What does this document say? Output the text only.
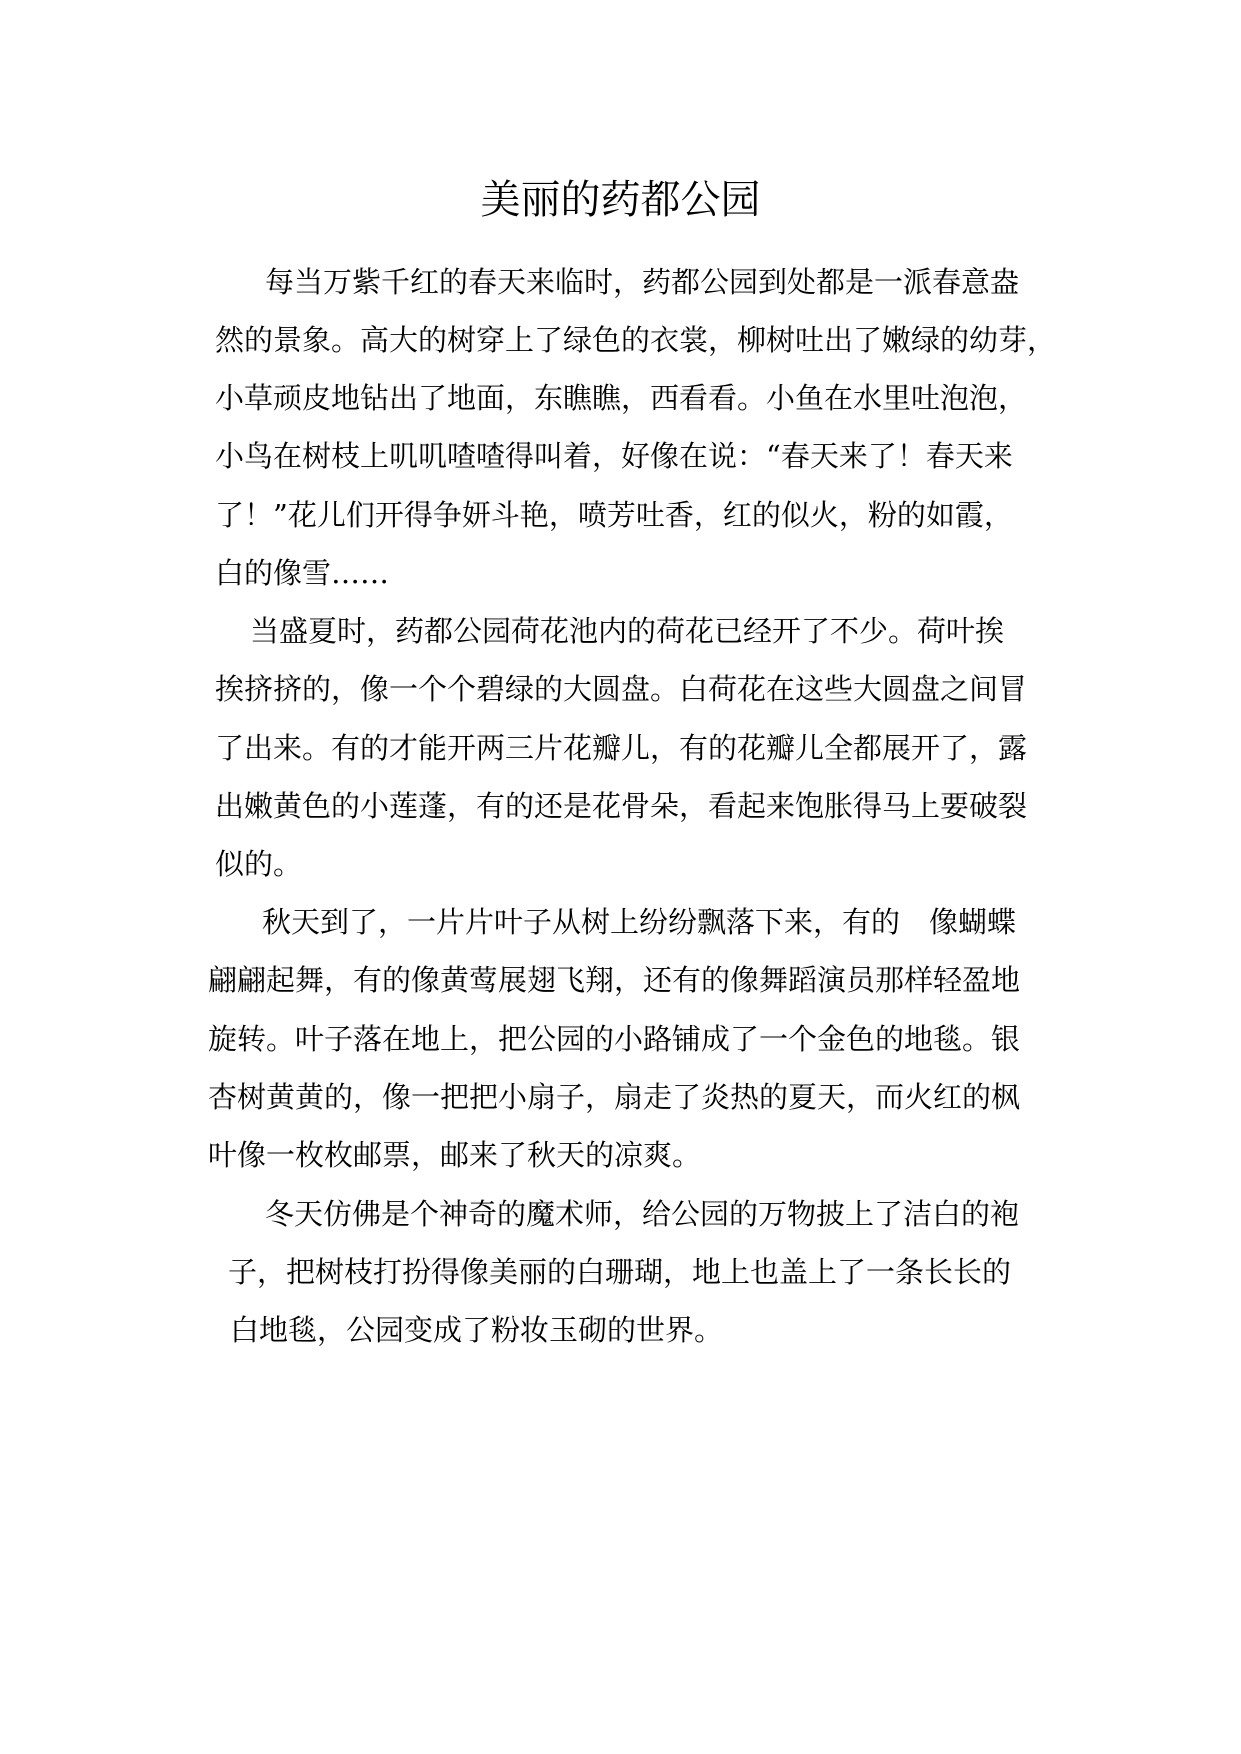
美丽的药都公园

每当万紫千红的春天来临时，药都公园到处都是一派春意盎

然的景象。高大的树穿上了绿色的衣裳，柳树吐出了嫩绿的幼芽，

小草顽皮地钻出了地面，东瞧瞧，西看看。小鱼在水里吐泡泡，

小鸟在树枝上叽叽喳喳得叫着，好像在说：“春天来了！春天来

了！”花儿们开得争妍斗艳，喷芳吐香，红的似火，粉的如霞，

白的像雪……

当盛夏时，药都公园荷花池内的荷花已经开了不少。荷叶挨

挨挤挤的，像一个个碧绿的大圆盘。白荷花在这些大圆盘之间冒

了出来。有的才能开两三片花瓣儿，有的花瓣儿全都展开了，露

出嫩黄色的小莲蓬，有的还是花骨朵，看起来饱胀得马上要破裂

似的。

秋天到了，一片片叶子从树上纷纷飘落下来，有的　像蝴蝶

翩翩起舞，有的像黄莺展翅飞翔，还有的像舞蹈演员那样轻盈地

旋转。叶子落在地上，把公园的小路铺成了一个金色的地毯。银

杏树黄黄的，像一把把小扇子，扇走了炎热的夏天，而火红的枫

叶像一枚枚邮票，邮来了秋天的凉爽。

冬天仿佛是个神奇的魔术师，给公园的万物披上了洁白的袍

子，把树枝打扮得像美丽的白珊瑚，地上也盖上了一条长长的

白地毯，公园变成了粉妆玉砌的世界。
